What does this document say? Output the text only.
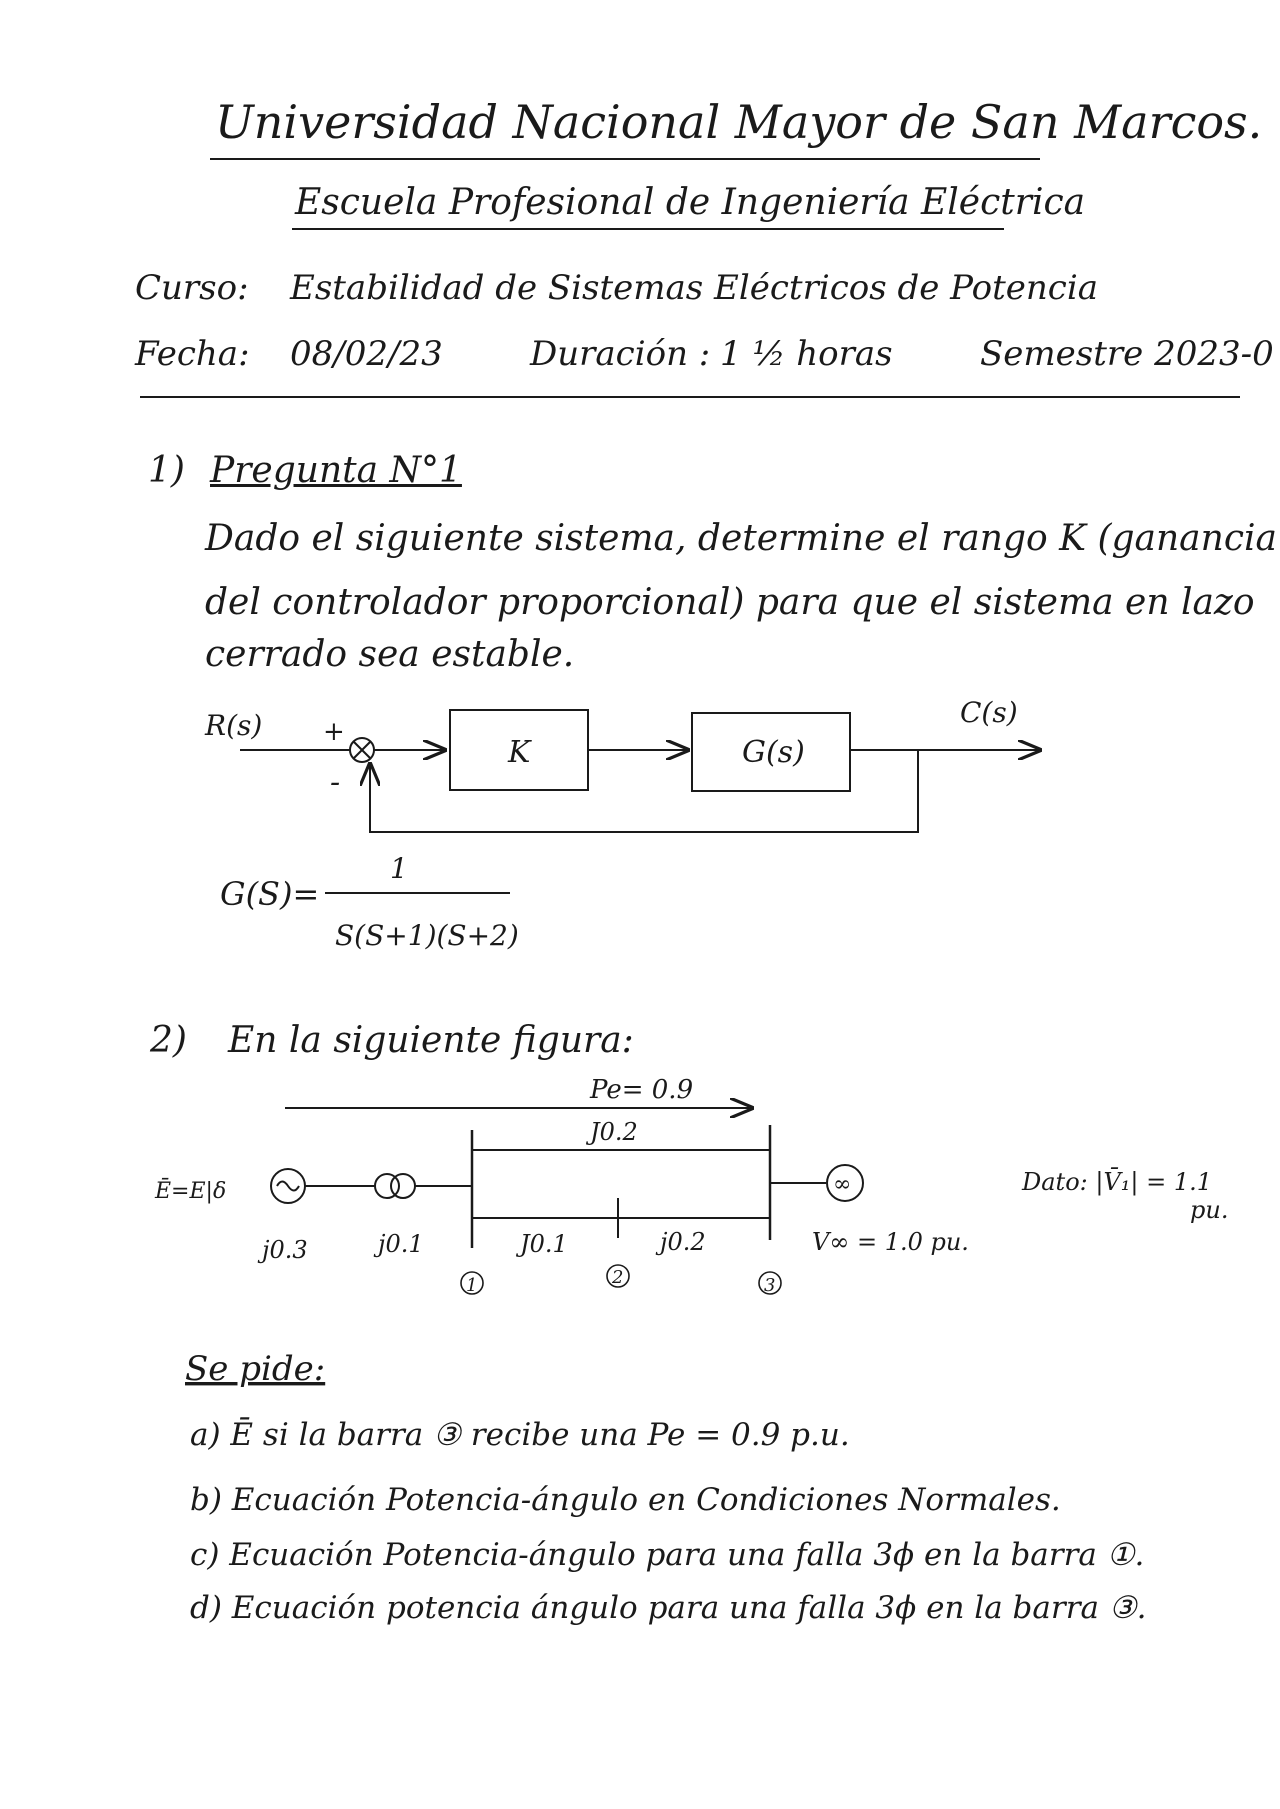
Universidad Nacional Mayor de San Marcos.
Escuela Profesional de Ingeniería Eléctrica
Curso: Estabilidad de Sistemas Eléctricos de Potencia
Fecha: 08/02/23	Duración : 1 ½ horas	Semestre 2023-0
1) Pregunta N°1
Dado el siguiente sistema, determine el rango K (ganancia
del controlador proporcional) para que el sistema en lazo
cerrado sea estable.
R(s) +
-
K	G(s)
C(s)
G(S)=
1
S(S+1)(S+2)
2) En la siguiente figura:
Pe= 0.9
Ē=E|δ
j0.3	j0.1
J0.2
J0.1	j0.2
∞
V∞ = 1.0 pu.
1	2	3
Dato: |V̄₁| = 1.1
pu.
Se pide:
a) Ē si la barra ③ recibe una Pe = 0.9 p.u.
b) Ecuación Potencia-ángulo en Condiciones Normales.
c) Ecuación Potencia-ángulo para una falla 3ϕ en la barra ①.
d) Ecuación potencia ángulo para una falla 3ϕ en la barra ③.
